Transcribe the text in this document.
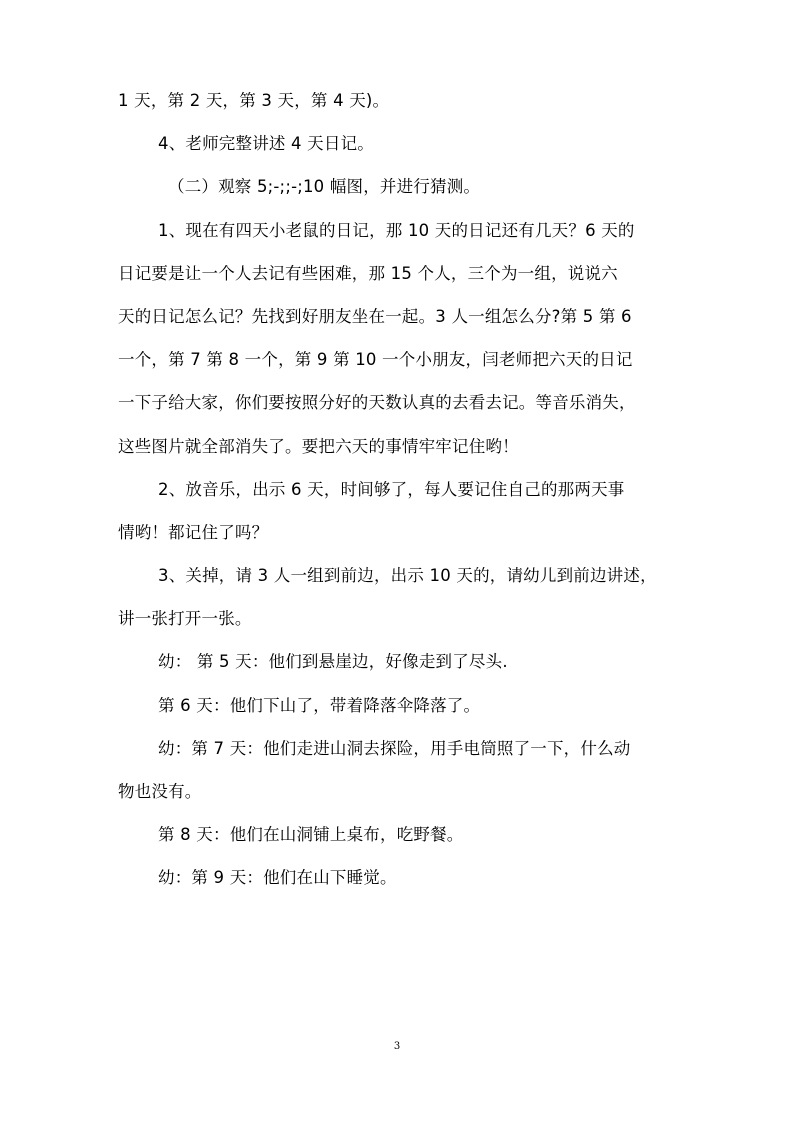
1 天，第 2 天，第 3 天，第 4 天)。
4、老师完整讲述 4 天日记。
（二）观察 5;-;;-;10 幅图，并进行猜测。
1、现在有四天小老鼠的日记，那 10 天的日记还有几天？6 天的
日记要是让一个人去记有些困难，那 15 个人，三个为一组，说说六
天的日记怎么记？先找到好朋友坐在一起。3 人一组怎么分?第 5 第 6
一个，第 7 第 8 一个，第 9 第 10 一个小朋友，闫老师把六天的日记
一下子给大家，你们要按照分好的天数认真的去看去记。等音乐消失，
这些图片就全部消失了。要把六天的事情牢牢记住哟！
2、放音乐，出示 6 天，时间够了，每人要记住自己的那两天事
情哟！都记住了吗？
3、关掉，请 3 人一组到前边，出示 10 天的，请幼儿到前边讲述，
讲一张打开一张。
幼： 第 5 天：他们到悬崖边，好像走到了尽头.
第 6 天：他们下山了，带着降落伞降落了。
幼：第 7 天：他们走进山洞去探险，用手电筒照了一下，什么动
物也没有。
第 8 天：他们在山洞铺上桌布，吃野餐。
幼：第 9 天：他们在山下睡觉。
3
